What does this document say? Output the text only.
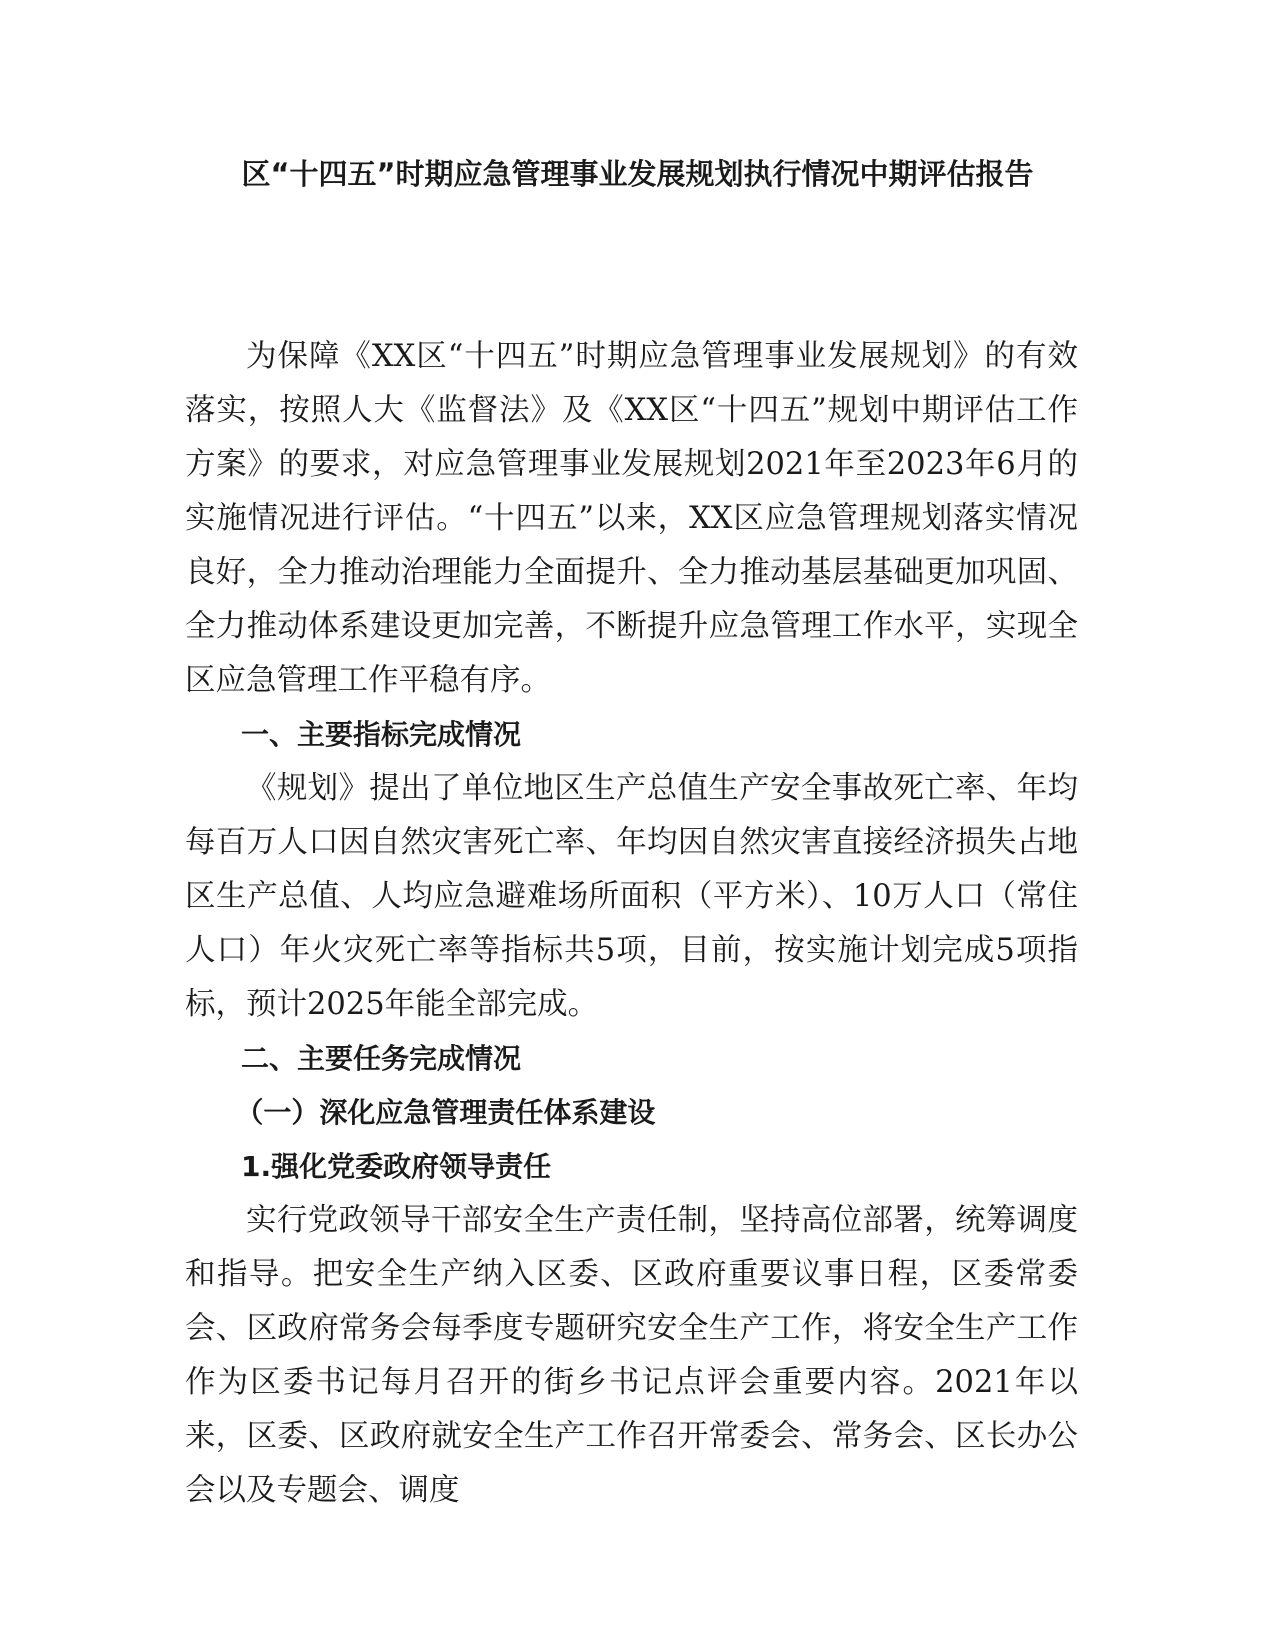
区“十四五”时期应急管理事业发展规划执行情况中期评估报告

为保障《XX区“十四五”时期应急管理事业发展规划》的有效落实，按照人大《监督法》及《XX区“十四五”规划中期评估工作方案》的要求，对应急管理事业发展规划2021年至2023年6月的实施情况进行评估。“十四五”以来，XX区应急管理规划落实情况良好，全力推动治理能力全面提升、全力推动基层基础更加巩固、全力推动体系建设更加完善，不断提升应急管理工作水平，实现全区应急管理工作平稳有序。

一、主要指标完成情况

《规划》提出了单位地区生产总值生产安全事故死亡率、年均每百万人口因自然灾害死亡率、年均因自然灾害直接经济损失占地区生产总值、人均应急避难场所面积（平方米）、10万人口（常住人口）年火灾死亡率等指标共5项，目前，按实施计划完成5项指标，预计2025年能全部完成。

二、主要任务完成情况

（一）深化应急管理责任体系建设

1.强化党委政府领导责任

实行党政领导干部安全生产责任制，坚持高位部署，统筹调度和指导。把安全生产纳入区委、区政府重要议事日程，区委常委会、区政府常务会每季度专题研究安全生产工作，将安全生产工作作为区委书记每月召开的街乡书记点评会重要内容。2021年以来，区委、区政府就安全生产工作召开常委会、常务会、区长办公会以及专题会、调度
